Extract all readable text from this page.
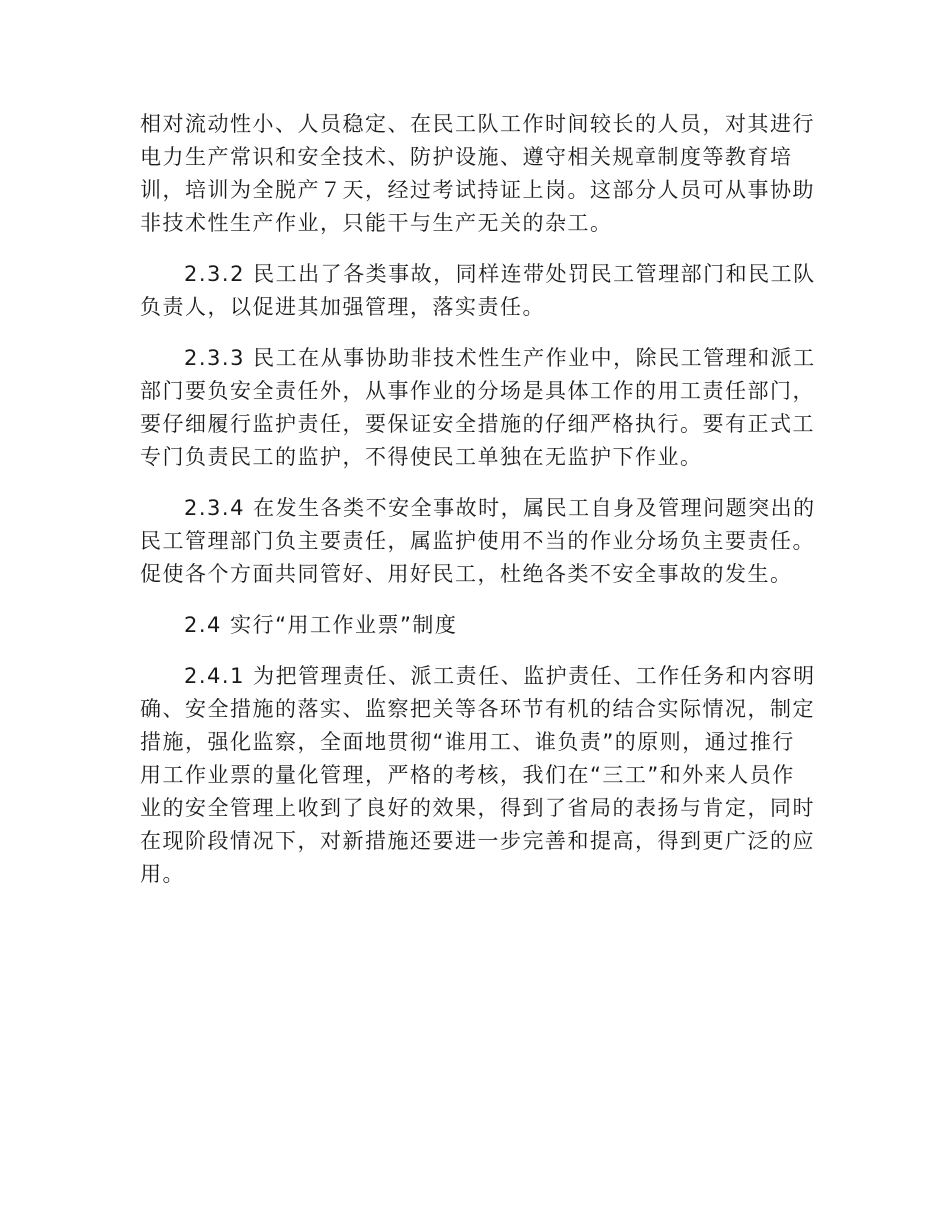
相对流动性小、人员稳定、在民工队工作时间较长的人员，对其进行
电力生产常识和安全技术、防护设施、遵守相关规章制度等教育培
训，培训为全脱产７天，经过考试持证上岗。这部分人员可从事协助
非技术性生产作业，只能干与生产无关的杂工。
2.3.2 民工出了各类事故，同样连带处罚民工管理部门和民工队
负责人，以促进其加强管理，落实责任。
2.3.3 民工在从事协助非技术性生产作业中，除民工管理和派工
部门要负安全责任外，从事作业的分场是具体工作的用工责任部门，
要仔细履行监护责任，要保证安全措施的仔细严格执行。要有正式工
专门负责民工的监护，不得使民工单独在无监护下作业。
2.3.4 在发生各类不安全事故时，属民工自身及管理问题突出的
民工管理部门负主要责任，属监护使用不当的作业分场负主要责任。
促使各个方面共同管好、用好民工，杜绝各类不安全事故的发生。
2.4 实行“用工作业票”制度
2.4.1 为把管理责任、派工责任、监护责任、工作任务和内容明
确、安全措施的落实、监察把关等各环节有机的结合实际情况，制定
措施，强化监察，全面地贯彻“谁用工、谁负责”的原则，通过推行
用工作业票的量化管理，严格的考核，我们在“三工”和外来人员作
业的安全管理上收到了良好的效果，得到了省局的表扬与肯定，同时
在现阶段情况下，对新措施还要进一步完善和提高，得到更广泛的应
用。
